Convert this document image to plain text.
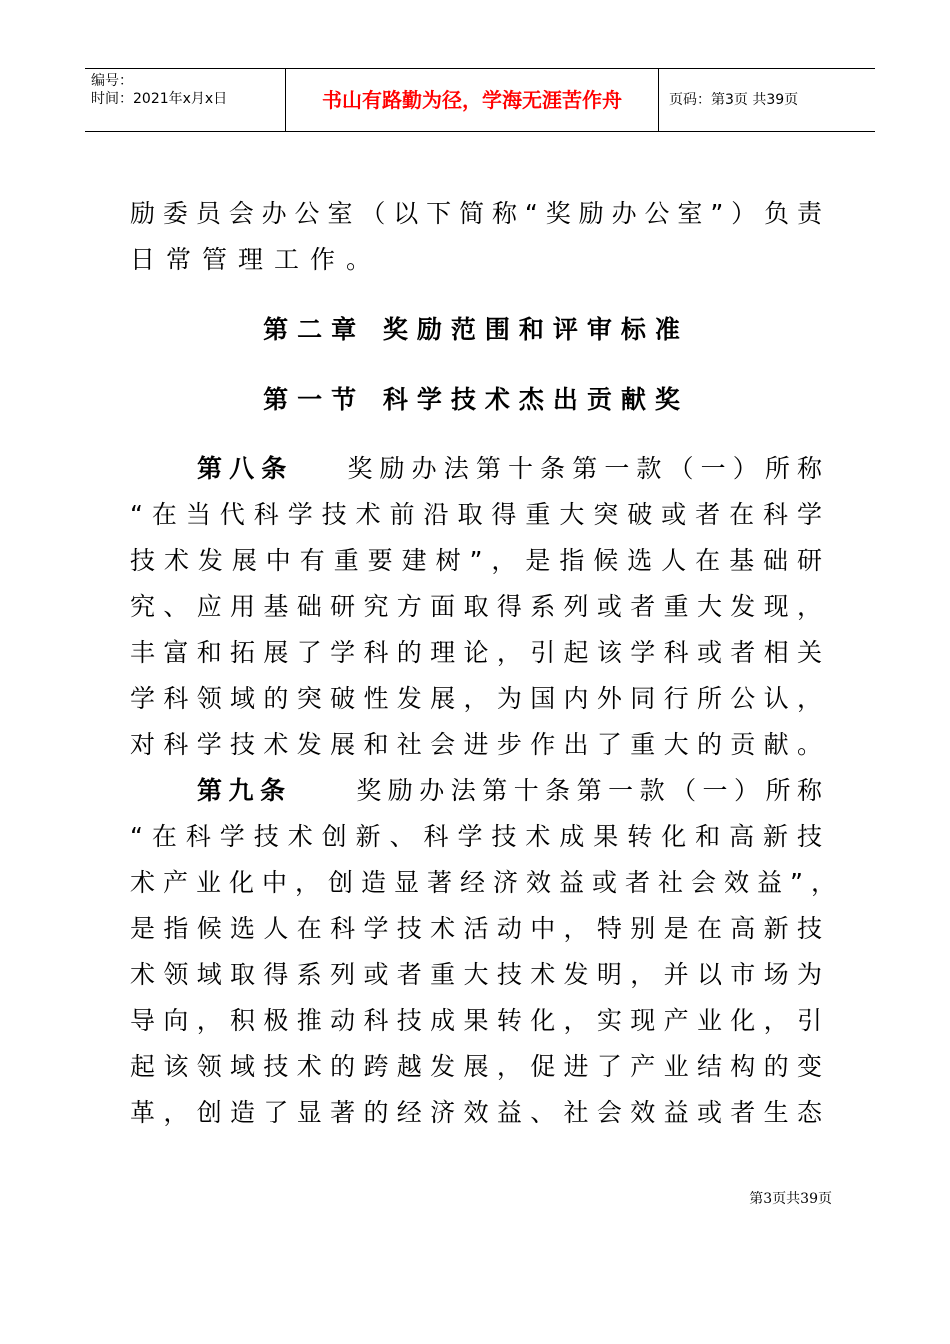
编号：
时间：2021年x月x日	书山有路勤为径，学海无涯苦作舟	页码：第3页 共39页
励委员会办公室（以下简称“奖励办公室”）负责
日常管理工作。
第二章 奖励范围和评审标准
第一节 科学技术杰出贡献奖
第八条 奖励办法第十条第一款（一）所称
“在当代科学技术前沿取得重大突破或者在科学
技术发展中有重要建树”，是指候选人在基础研
究、应用基础研究方面取得系列或者重大发现，
丰富和拓展了学科的理论，引起该学科或者相关
学科领域的突破性发展，为国内外同行所公认，
对科学技术发展和社会进步作出了重大的贡献。
第九条	奖励办法第十条第一款（一）所称
“在科学技术创新、科学技术成果转化和高新技
术产业化中，创造显著经济效益或者社会效益”，
是指候选人在科学技术活动中，特别是在高新技
术领域取得系列或者重大技术发明，并以市场为
导向，积极推动科技成果转化，实现产业化，引
起该领域技术的跨越发展，促进了产业结构的变
革，创造了显著的经济效益、社会效益或者生态
第3页共39页
